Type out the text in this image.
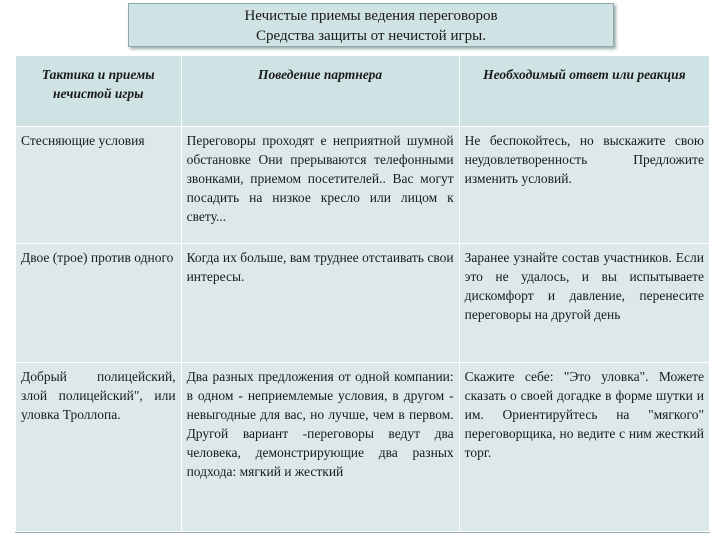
Нечистые приемы ведения переговоров
Средства защиты от нечистой игры.
Тактика и приемы нечистой игры	Поведение партнера	Необходимый ответ или реакция
Стесняющие условия	Переговоры проходят е неприятной шумной обстановке Они прерываются телефонными звонками, приемом посетителей.. Вас могут посадить на низкое кресло или лицом к свету...	Не беспокойтесь, но выскажите свою неудовлетворенность Предложите изменить условий.
Двое (трое) против одного	Когда их больше, вам труднее отстаивать свои интересы.	Заранее узнайте состав участников. Если это не удалось, и вы испытываете дискомфорт и давление, перенесите переговоры на другой день
Добрый полицейский, злой полицейский", или уловка Троллопа.	Два разных предложения от одной компании: в одном - неприемлемые условия, в другом - невыгодные для вас, но лучше, чем в первом. Другой вариант -переговоры ведут два человека, демонстрирующие два разных подхода: мягкий и жесткий	Скажите себе: "Это уловка". Можете сказать о своей догадке в форме шутки и им. Ориентируйтесь на "мягкого" переговорщика, но ведите с ним жесткий торг.
